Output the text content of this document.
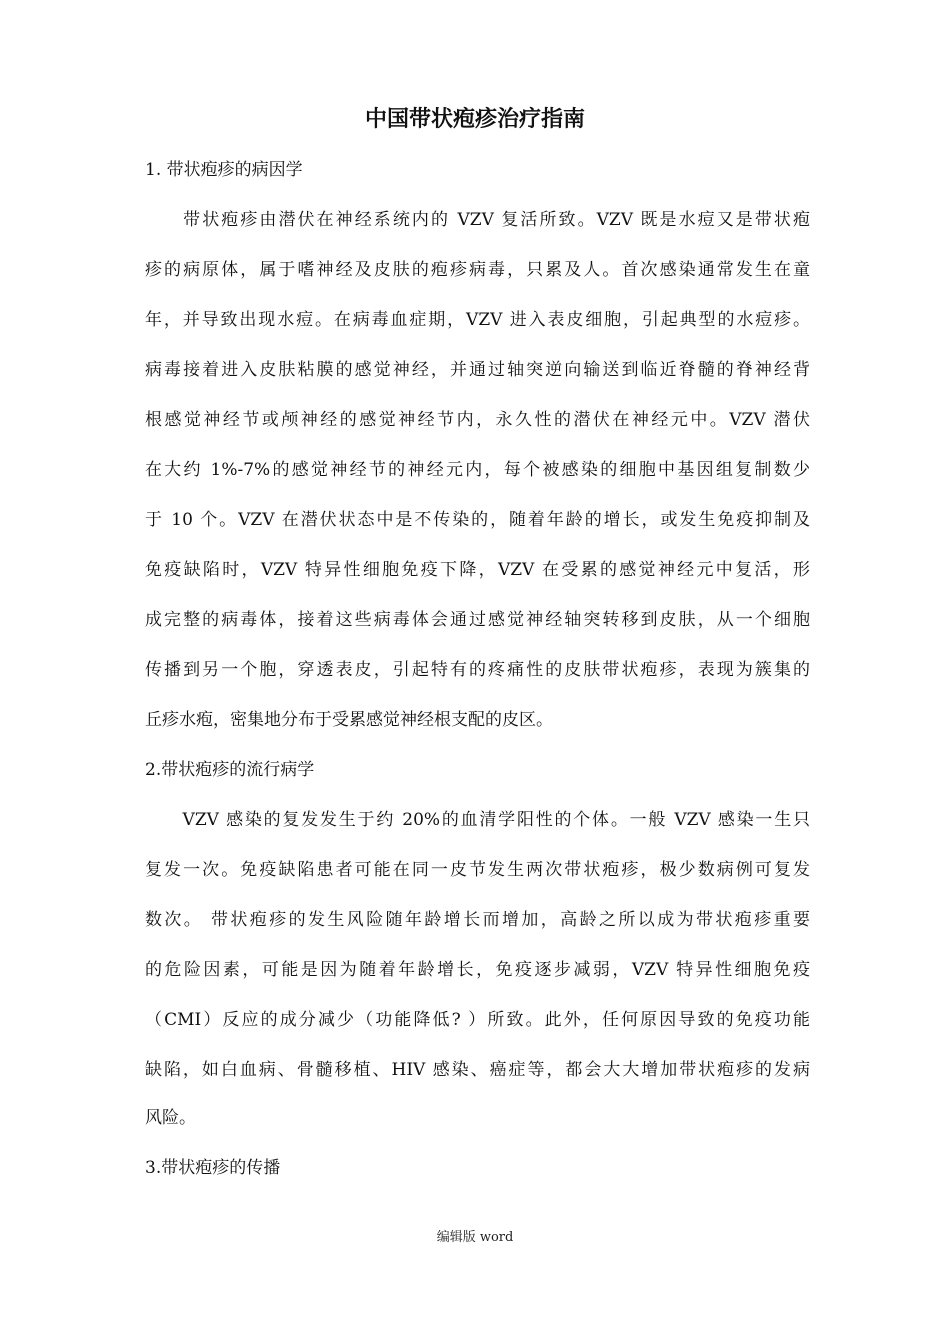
中国带状疱疹治疗指南
1. 带状疱疹的病因学
　　带状疱疹由潜伏在神经系统内的 VZV 复活所致。VZV 既是水痘又是带状疱
疹的病原体，属于嗜神经及皮肤的疱疹病毒，只累及人。首次感染通常发生在童
年，并导致出现水痘。在病毒血症期，VZV 进入表皮细胞，引起典型的水痘疹。
病毒接着进入皮肤粘膜的感觉神经，并通过轴突逆向输送到临近脊髓的脊神经背
根感觉神经节或颅神经的感觉神经节内，永久性的潜伏在神经元中。VZV 潜伏
在大约 1%-7%的感觉神经节的神经元内，每个被感染的细胞中基因组复制数少
于 10 个。VZV 在潜伏状态中是不传染的，随着年龄的增长，或发生免疫抑制及
免疫缺陷时，VZV 特异性细胞免疫下降，VZV 在受累的感觉神经元中复活，形
成完整的病毒体，接着这些病毒体会通过感觉神经轴突转移到皮肤，从一个细胞
传播到另一个胞，穿透表皮，引起特有的疼痛性的皮肤带状疱疹，表现为簇集的
丘疹水疱，密集地分布于受累感觉神经根支配的皮区。
2.带状疱疹的流行病学
　　VZV 感染的复发发生于约 20%的血清学阳性的个体。一般 VZV 感染一生只
复发一次。免疫缺陷患者可能在同一皮节发生两次带状疱疹，极少数病例可复发
数次。 带状疱疹的发生风险随年龄增长而增加，高龄之所以成为带状疱疹重要
的危险因素，可能是因为随着年龄增长，免疫逐步减弱，VZV 特异性细胞免疫
（CMI）反应的成分减少（功能降低? ）所致。此外，任何原因导致的免疫功能
缺陷，如白血病、骨髓移植、HIV 感染、癌症等，都会大大增加带状疱疹的发病
风险。
3.带状疱疹的传播
编辑版 word
